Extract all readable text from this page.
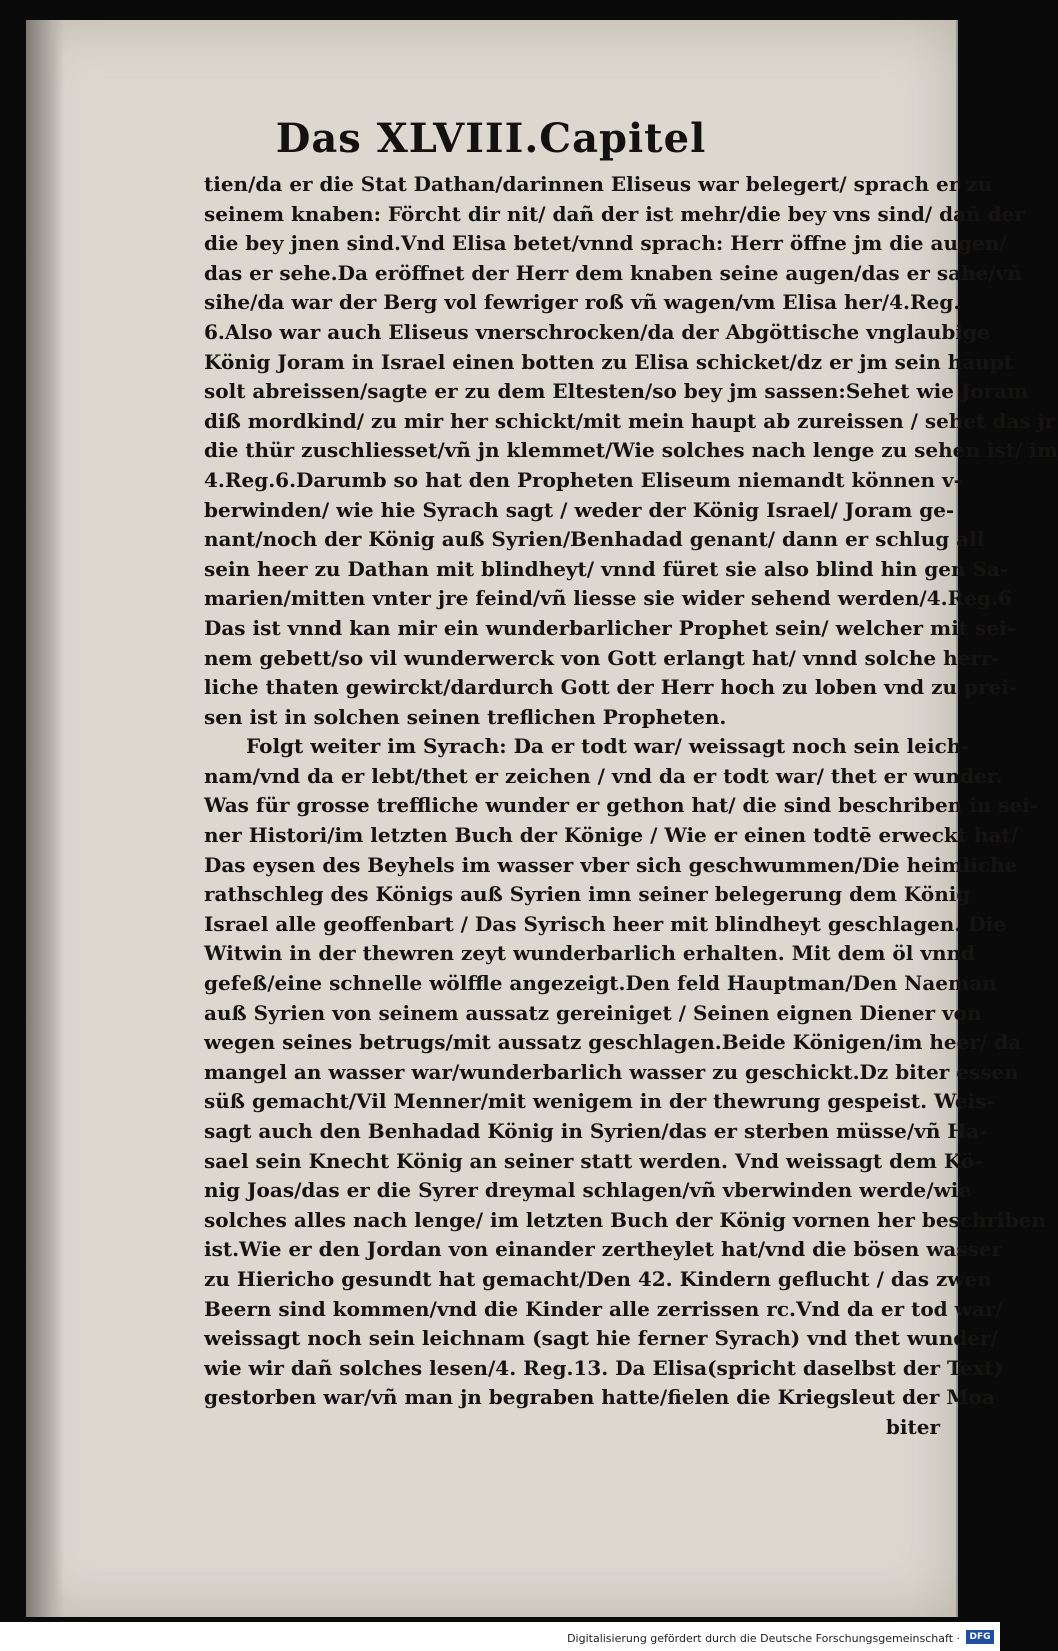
Das XLVIII.Capitel
tien/da er die Stat Dathan/darinnen Eliseus war belegert/ sprach er zu
seinem knaben: Förcht dir nit/ dañ der ist mehr/die bey vns sind/ dañ der
die bey jnen sind.Vnd Elisa betet/vnnd sprach: Herr öffne jm die augen/
das er sehe.Da eröffnet der Herr dem knaben seine augen/das er sahe/vñ
sihe/da war der Berg vol fewriger roß vñ wagen/vm Elisa her/4.Reg.
6.Also war auch Eliseus vnerschrocken/da der Abgöttische vnglaubige
König Joram in Israel einen botten zu Elisa schicket/dz er jm sein haupt
solt abreissen/sagte er zu dem Eltesten/so bey jm sassen:Sehet wie Joram
diß mordkind/ zu mir her schickt/mit mein haupt ab zureissen / sehet das jr
die thür zuschliesset/vñ jn klemmet/Wie solches nach lenge zu sehen ist/ im
4.Reg.6.Darumb so hat den Propheten Eliseum niemandt können v-
berwinden/ wie hie Syrach sagt / weder der König Israel/ Joram ge-
nant/noch der König auß Syrien/Benhadad genant/ dann er schlug all
sein heer zu Dathan mit blindheyt/ vnnd füret sie also blind hin gen Sa-
marien/mitten vnter jre feind/vñ liesse sie wider sehend werden/4.Reg.6
Das ist vnnd kan mir ein wunderbarlicher Prophet sein/ welcher mit sei-
nem gebett/so vil wunderwerck von Gott erlangt hat/ vnnd solche herr-
liche thaten gewirckt/dardurch Gott der Herr hoch zu loben vnd zu prei-
sen ist in solchen seinen treflichen Propheten.
Folgt weiter im Syrach: Da er todt war/ weissagt noch sein leich-
nam/vnd da er lebt/thet er zeichen / vnd da er todt war/ thet er wunder.
Was für grosse treffliche wunder er gethon hat/ die sind beschriben in sei-
ner Histori/im letzten Buch der Könige / Wie er einen todtē erweckt hat/
Das eysen des Beyhels im wasser vber sich geschwummen/Die heimliche
rathschleg des Königs auß Syrien imn seiner belegerung dem König
Israel alle geoffenbart / Das Syrisch heer mit blindheyt geschlagen. Die
Witwin in der thewren zeyt wunderbarlich erhalten. Mit dem öl vnnd
gefeß/eine schnelle wölffle angezeigt.Den feld Hauptman/Den Naeman
auß Syrien von seinem aussatz gereiniget / Seinen eignen Diener von
wegen seines betrugs/mit aussatz geschlagen.Beide Königen/im heer/ da
mangel an wasser war/wunderbarlich wasser zu geschickt.Dz biter essen
süß gemacht/Vil Menner/mit wenigem in der thewrung gespeist. Weis-
sagt auch den Benhadad König in Syrien/das er sterben müsse/vñ Ha-
sael sein Knecht König an seiner statt werden. Vnd weissagt dem Kö-
nig Joas/das er die Syrer dreymal schlagen/vñ vberwinden werde/wie
solches alles nach lenge/ im letzten Buch der König vornen her beschriben
ist.Wie er den Jordan von einander zertheylet hat/vnd die bösen wasser
zu Hiericho gesundt hat gemacht/Den 42. Kindern geflucht / das zwen
Beern sind kommen/vnd die Kinder alle zerrissen rc.Vnd da er tod war/
weissagt noch sein leichnam (sagt hie ferner Syrach) vnd thet wunder/
wie wir dañ solches lesen/4. Reg.13. Da Elisa(spricht daselbst der Text)
gestorben war/vñ man jn begraben hatte/fielen die Kriegsleut der Moa
biter
Digitalisierung gefördert durch die Deutsche Forschungsgemeinschaft ·	DFG
